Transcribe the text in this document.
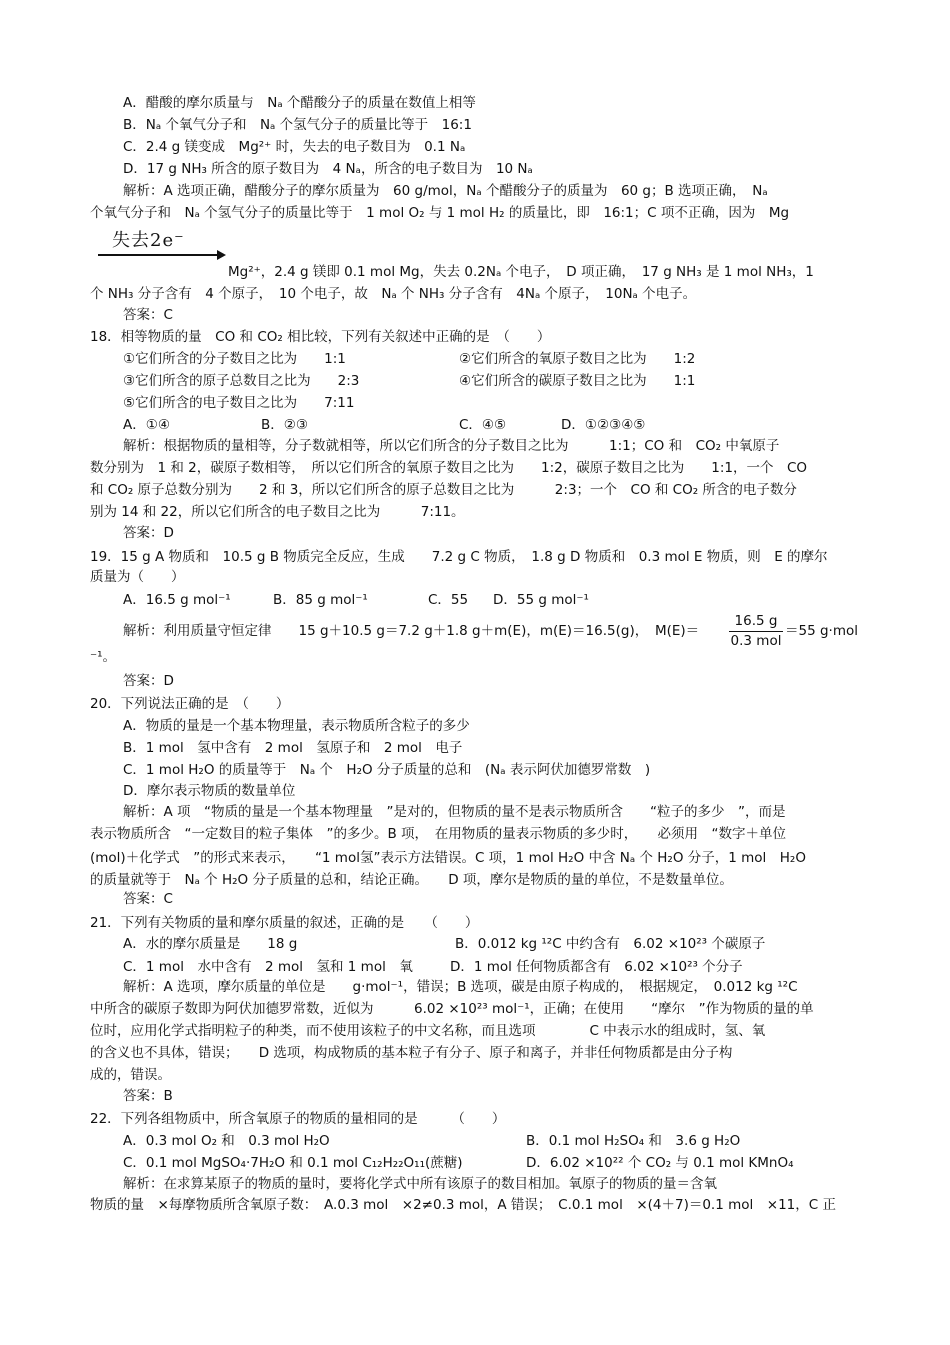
A．醋酸的摩尔质量与　Nₐ 个醋酸分子的质量在数值上相等
B．Nₐ 个氧气分子和　Nₐ 个氢气分子的质量比等于　16:1
C．2.4 g 镁变成　Mg²⁺ 时，失去的电子数目为　0.1 Nₐ
D．17 g NH₃ 所含的原子数目为　4 Nₐ，所含的电子数目为　10 Nₐ
解析：A 选项正确，醋酸分子的摩尔质量为　60 g/mol，Nₐ 个醋酸分子的质量为　60 g；B 选项正确，　Nₐ
个氧气分子和　Nₐ 个氢气分子的质量比等于　1 mol O₂ 与 1 mol H₂ 的质量比，即　16:1；C 项不正确，因为　Mg
失去2e⁻
Mg²⁺，2.4 g 镁即 0.1 mol Mg，失去 0.2Nₐ 个电子，　D 项正确，　17 g NH₃ 是 1 mol NH₃，1
个 NH₃ 分子含有　4 个原子，　10 个电子，故　Nₐ 个 NH₃ 分子含有　4Nₐ 个原子，　10Nₐ 个电子。
答案：C
18．相等物质的量　CO 和 CO₂ 相比较，下列有关叙述中正确的是　（　　）
①它们所含的分子数目之比为　　1:1	②它们所含的氧原子数目之比为　　1:2
③它们所含的原子总数目之比为　　2:3	④它们所含的碳原子数目之比为　　1:1
⑤它们所含的电子数目之比为　　7:11
A．①④	B．②③	C．④⑤	D．①②③④⑤
解析：根据物质的量相等，分子数就相等，所以它们所含的分子数目之比为　　　1:1；CO 和　CO₂ 中氧原子
数分别为　1 和 2，碳原子数相等，　所以它们所含的氧原子数目之比为　　1:2，碳原子数目之比为　　1:1，一个　CO
和 CO₂ 原子总数分别为　　2 和 3，所以它们所含的原子总数目之比为　　　2:3；一个　CO 和 CO₂ 所含的电子数分
别为 14 和 22，所以它们所含的电子数目之比为　　　7:11。
答案：D
19．15 g A 物质和　10.5 g B 物质完全反应，生成　　7.2 g C 物质，　1.8 g D 物质和　0.3 mol E 物质，则　E 的摩尔
质量为（　　）
A．16.5 g mol⁻¹	B．85 g mol⁻¹	C．55 D．55 g mol⁻¹
解析：利用质量守恒定律　　15 g＋10.5 g＝7.2 g＋1.8 g＋m(E)，m(E)＝16.5(g)，　M(E)＝
16.5 g
0.3 mol
＝55 g·mol
⁻¹。
答案：D
20．下列说法正确的是　（　　）
A．物质的量是一个基本物理量，表示物质所含粒子的多少
B．1 mol　氢中含有　2 mol　氢原子和　2 mol　电子
C．1 mol H₂O 的质量等于　Nₐ 个　H₂O 分子质量的总和　(Nₐ 表示阿伏加德罗常数　)
D．摩尔表示物质的数量单位
解析：A 项　“物质的量是一个基本物理量　”是对的，但物质的量不是表示物质所含　　“粒子的多少　”，而是
表示物质所含　“一定数目的粒子集体　”的多少。B 项，　在用物质的量表示物质的多少时，　　必须用　“数字＋单位
(mol)＋化学式　”的形式来表示，　　“1 mol氢”表示方法错误。C 项，1 mol H₂O 中含 Nₐ 个 H₂O 分子，1 mol　H₂O
的质量就等于　Nₐ 个 H₂O 分子质量的总和，结论正确。　　D 项，摩尔是物质的量的单位，不是数量单位。
答案：C
21．下列有关物质的量和摩尔质量的叙述，正确的是　　（　　）
A．水的摩尔质量是　　18 g	B．0.012 kg ¹²C 中约含有　6.02 ×10²³ 个碳原子
C．1 mol　水中含有　2 mol　氢和 1 mol　氧	D．1 mol 任何物质都含有　6.02 ×10²³ 个分子
解析：A 选项，摩尔质量的单位是　　g·mol⁻¹，错误；B 选项，碳是由原子构成的，　根据规定，　0.012 kg ¹²C
中所含的碳原子数即为阿伏加德罗常数，近似为　　　6.02 ×10²³ mol⁻¹，正确；在使用　　“摩尔　”作为物质的量的单
位时，应用化学式指明粒子的种类，而不使用该粒子的中文名称，而且选项　　　　C 中表示水的组成时，氢、氧
的含义也不具体，错误；　　D 选项，构成物质的基本粒子有分子、原子和离子，并非任何物质都是由分子构
成的，错误。
答案：B
22．下列各组物质中，所含氧原子的物质的量相同的是　　　（　　）
A．0.3 mol O₂ 和　0.3 mol H₂O	B．0.1 mol H₂SO₄ 和　3.6 g H₂O
C．0.1 mol MgSO₄·7H₂O 和 0.1 mol C₁₂H₂₂O₁₁(蔗糖)	D．6.02 ×10²² 个 CO₂ 与 0.1 mol KMnO₄
解析：在求算某原子的物质的量时，要将化学式中所有该原子的数目相加。氧原子的物质的量＝含氧
物质的量　×每摩物质所含氧原子数：　A.0.3 mol　×2≠0.3 mol，A 错误；　C.0.1 mol　×(4＋7)＝0.1 mol　×11，C 正
